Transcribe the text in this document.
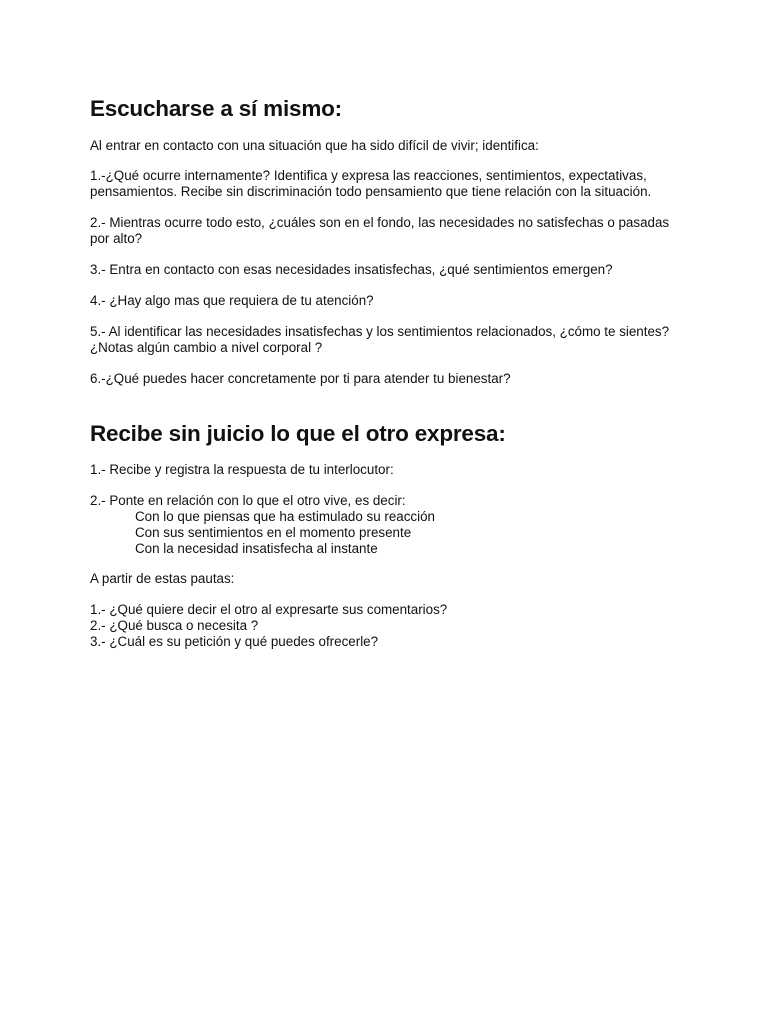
Escucharse a sí mismo:

Al entrar en contacto con una situación que ha sido difícil de vivir; identifica:

1.-¿Qué ocurre internamente? Identifica y expresa las reacciones, sentimientos, expectativas, pensamientos. Recibe sin discriminación todo pensamiento que tiene relación con la situación.

2.- Mientras ocurre todo esto, ¿cuáles son en el fondo, las necesidades no satisfechas o pasadas por alto?

3.- Entra en contacto con esas necesidades insatisfechas, ¿qué sentimientos emergen?

4.- ¿Hay algo mas que requiera de tu atención?

5.- Al identificar las necesidades insatisfechas y los sentimientos relacionados, ¿cómo te sientes? ¿Notas algún cambio a nivel corporal ?

6.-¿Qué puedes hacer concretamente por ti para atender tu bienestar?

Recibe sin juicio lo que el otro expresa:

1.- Recibe y registra la respuesta de tu interlocutor:

2.- Ponte en relación con lo que el otro vive, es decir:

Con lo que piensas que ha estimulado su reacción

Con sus sentimientos en el momento presente

Con la necesidad insatisfecha al instante

A partir de estas pautas:

1.- ¿Qué quiere decir el otro al expresarte sus comentarios?

2.- ¿Qué busca o necesita ?

3.- ¿Cuál es su petición y qué puedes ofrecerle?
